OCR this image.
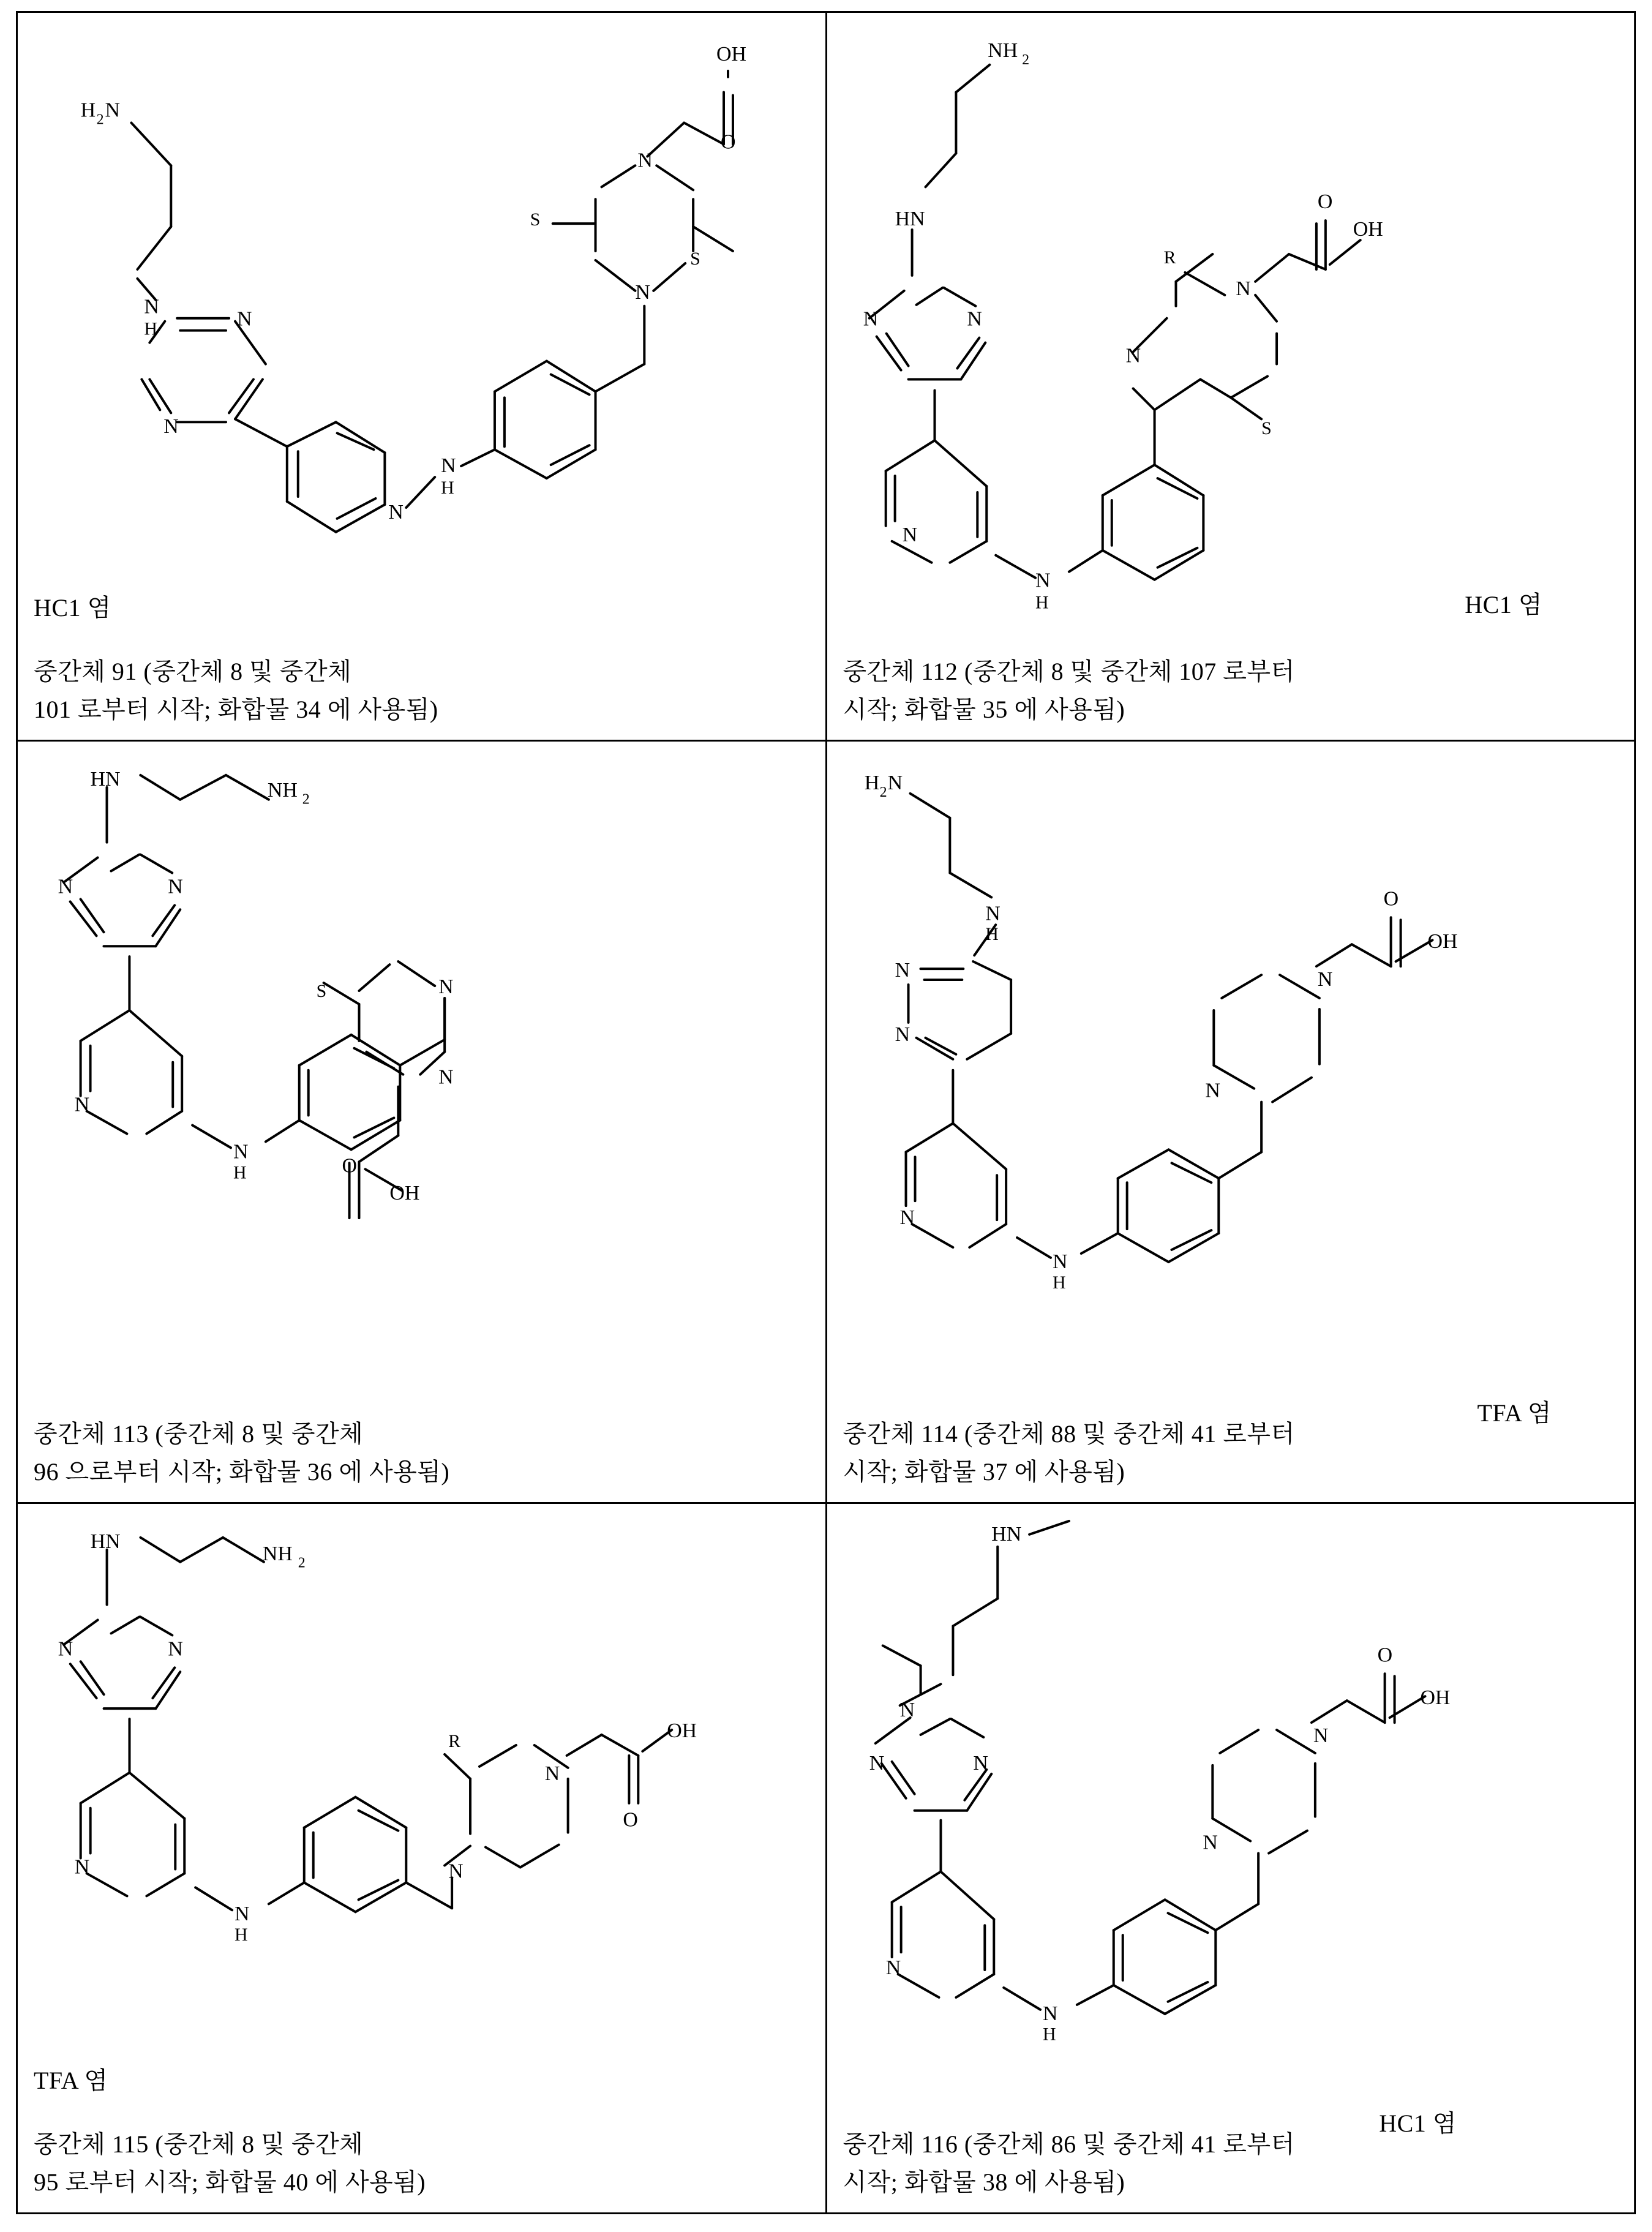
H 2 N
N
H	N
N
N
N
H
N
N
S
S
OH
O
HC1 염
중간체 91 (중간체 8 및 중간체
101 로부터 시작; 화합물 34 에 사용됨)

NH 2
HN
N	N
N
N
H
N
N
R
S
OH
O
HC1 염
중간체 112 (중간체 8 및 중간체 107 로부터
시작; 화합물 35 에 사용됨)

HN	NH 2
N	N
N
N
H
N
N
S
OH
O
중간체 113 (중간체 8 및 중간체
96 으로부터 시작; 화합물 36 에 사용됨)

H 2 N
N
H
N
N
N
N
H
N
N
OH
O
TFA 염
중간체 114 (중간체 88 및 중간체 41 로부터
시작; 화합물 37 에 사용됨)

HN
NH 2
N	N
N
N
H
N
N
R	OH
O
TFA 염
중간체 115 (중간체 8 및 중간체
95 로부터 시작; 화합물 40 에 사용됨)

HN
N
N	N
N
N
H
N
N
OH
O
HC1 염
중간체 116 (중간체 86 및 중간체 41 로부터
시작; 화합물 38 에 사용됨)
